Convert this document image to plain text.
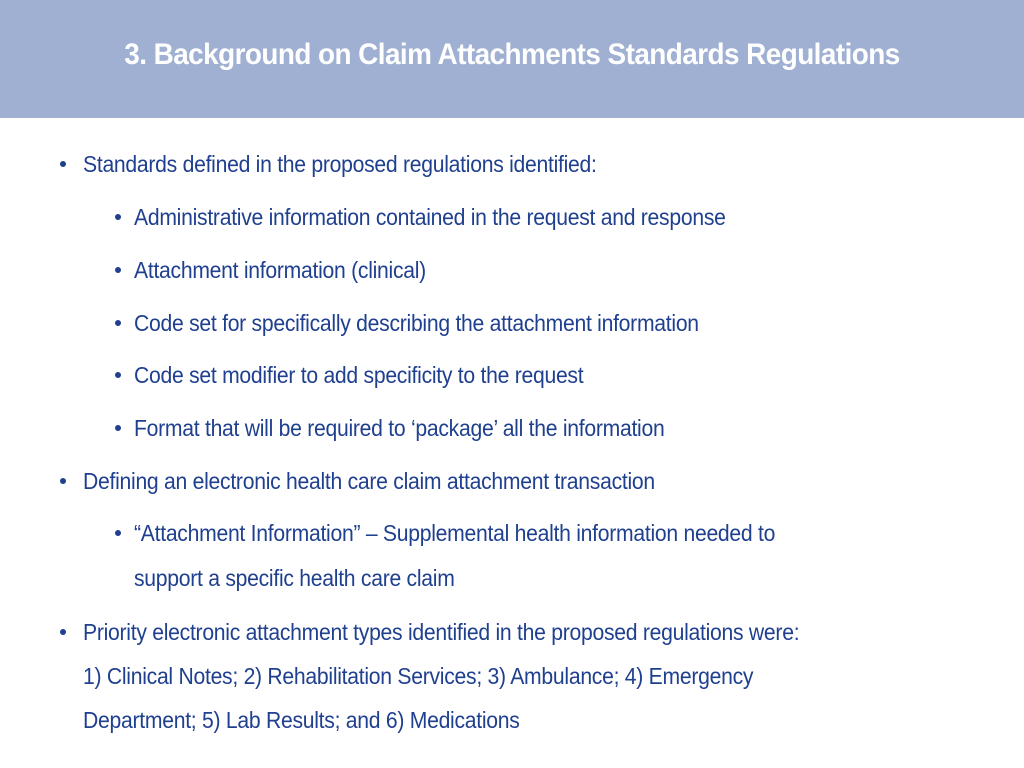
3. Background on Claim Attachments Standards Regulations
Standards defined in the proposed regulations identified:
Administrative information contained in the request and response
Attachment information (clinical)
Code set for specifically describing the attachment information
Code set modifier to add specificity to the request
Format that will be required to ‘package’ all the information
Defining an electronic health care claim attachment transaction
“Attachment Information” – Supplemental health information needed to
support a specific health care claim
Priority electronic attachment types identified in the proposed regulations were:
1) Clinical Notes; 2) Rehabilitation Services; 3) Ambulance; 4) Emergency
Department; 5) Lab Results; and 6) Medications
